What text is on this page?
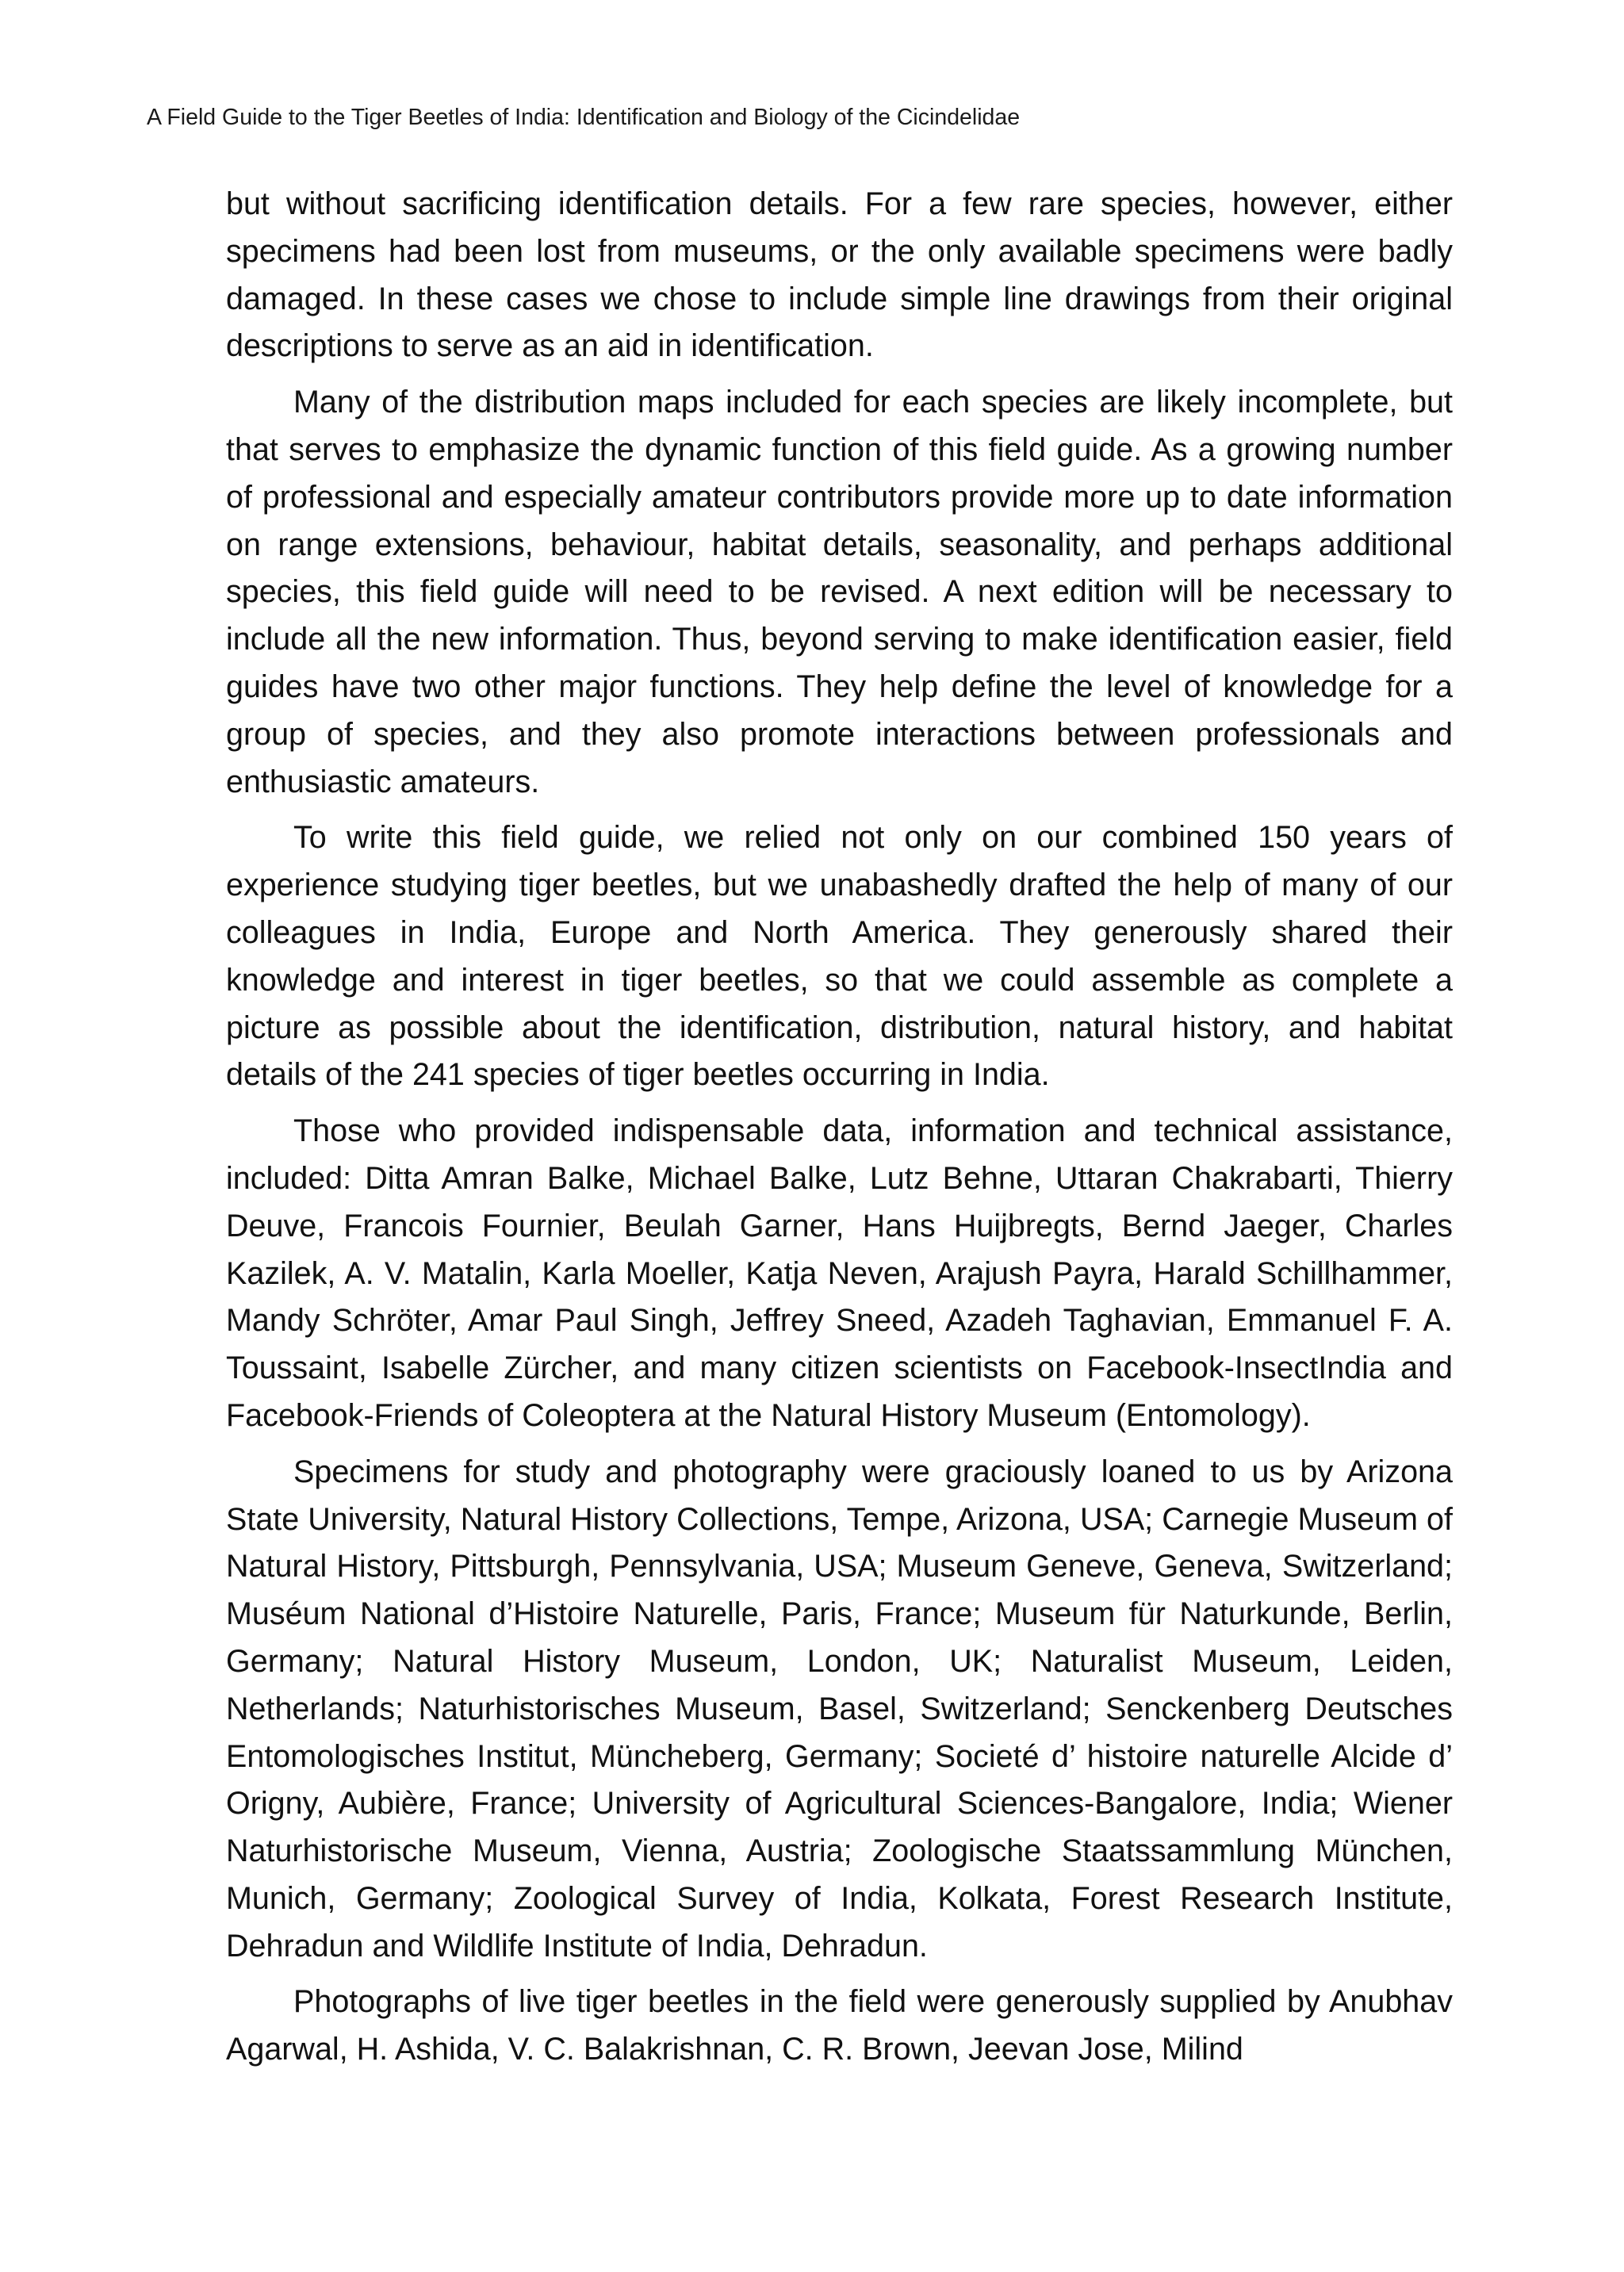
A Field Guide to the Tiger Beetles of India: Identification and Biology of the Cicindelidae

but without sacrificing identification details. For a few rare species, however, either specimens had been lost from museums, or the only available specimens were badly damaged. In these cases we chose to include simple line drawings from their original descriptions to serve as an aid in identification.

Many of the distribution maps included for each species are likely incomplete, but that serves to emphasize the dynamic function of this field guide. As a growing number of professional and especially amateur contributors provide more up to date information on range extensions, behaviour, habitat details, seasonality, and perhaps additional species, this field guide will need to be revised. A next edition will be necessary to include all the new information. Thus, beyond serving to make identification easier, field guides have two other major functions. They help define the level of knowledge for a group of species, and they also promote interactions between professionals and enthusiastic amateurs.

To write this field guide, we relied not only on our combined 150 years of experience studying tiger beetles, but we unabashedly drafted the help of many of our colleagues in India, Europe and North America. They generously shared their knowledge and interest in tiger beetles, so that we could assemble as complete a picture as possible about the identification, distribution, natural history, and habitat details of the 241 species of tiger beetles occurring in India.

Those who provided indispensable data, information and technical assistance, included: Ditta Amran Balke, Michael Balke, Lutz Behne, Uttaran Chakrabarti, Thierry Deuve, Francois Fournier, Beulah Garner, Hans Huijbregts, Bernd Jaeger, Charles Kazilek, A. V. Matalin, Karla Moeller, Katja Neven, Arajush Payra, Harald Schillhammer, Mandy Schröter, Amar Paul Singh, Jeffrey Sneed, Azadeh Taghavian, Emmanuel F. A. Toussaint, Isabelle Zürcher, and many citizen scientists on Facebook-InsectIndia and Facebook-Friends of Coleoptera at the Natural History Museum (Entomology).

Specimens for study and photography were graciously loaned to us by Arizona State University, Natural History Collections, Tempe, Arizona, USA; Carnegie Museum of Natural History, Pittsburgh, Pennsylvania, USA; Museum Geneve, Geneva, Switzerland; Muséum National d’Histoire Naturelle, Paris, France; Museum für Naturkunde, Berlin, Germany; Natural History Museum, London, UK; Naturalist Museum, Leiden, Netherlands; Naturhistorisches Museum, Basel, Switzerland; Senckenberg Deutsches Entomologisches Institut, Müncheberg, Germany; Societé d’ histoire naturelle Alcide d’ Origny, Aubière, France; University of Agricultural Sciences-Bangalore, India; Wiener Naturhistorische Museum, Vienna, Austria; Zoologische Staatssammlung München, Munich, Germany; Zoological Survey of India, Kolkata, Forest Research Institute, Dehradun and Wildlife Institute of India, Dehradun.

Photographs of live tiger beetles in the field were generously supplied by Anubhav Agarwal, H. Ashida, V. C. Balakrishnan, C. R. Brown, Jeevan Jose, Milind
